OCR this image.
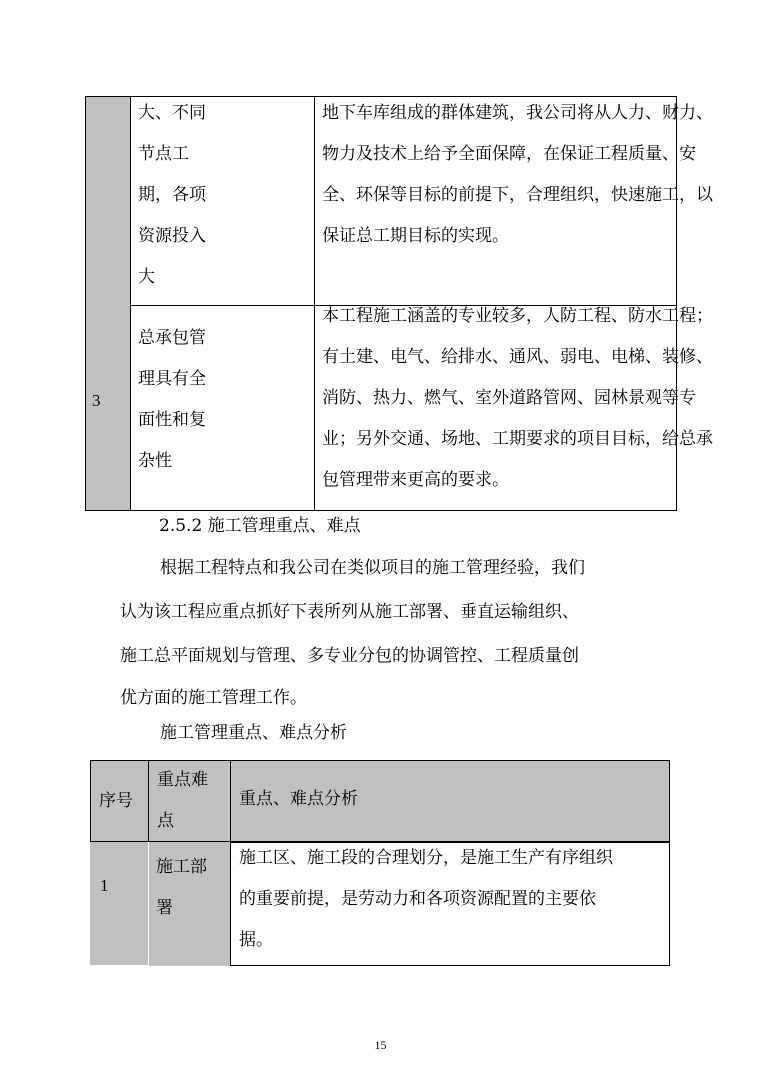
大、不同
节点工
期，各项
资源投入
大
地下车库组成的群体建筑，我公司将从人力、财力、
物力及技术上给予全面保障，在保证工程质量、安
全、环保等目标的前提下，合理组织，快速施工，以
保证总工期目标的实现。
3
总承包管
理具有全
面性和复
杂性
本工程施工涵盖的专业较多，人防工程、防水工程；
有土建、电气、给排水、通风、弱电、电梯、装修、
消防、热力、燃气、室外道路管网、园林景观等专
业；另外交通、场地、工期要求的项目目标，给总承
包管理带来更高的要求。
2.5.2 施工管理重点、难点
根据工程特点和我公司在类似项目的施工管理经验，我们
认为该工程应重点抓好下表所列从施工部署、垂直运输组织、
施工总平面规划与管理、多专业分包的协调管控、工程质量创
优方面的施工管理工作。
施工管理重点、难点分析
序号
重点难
点
重点、难点分析
1
施工部
署
施工区、施工段的合理划分，是施工生产有序组织
的重要前提，是劳动力和各项资源配置的主要依
据。
15
